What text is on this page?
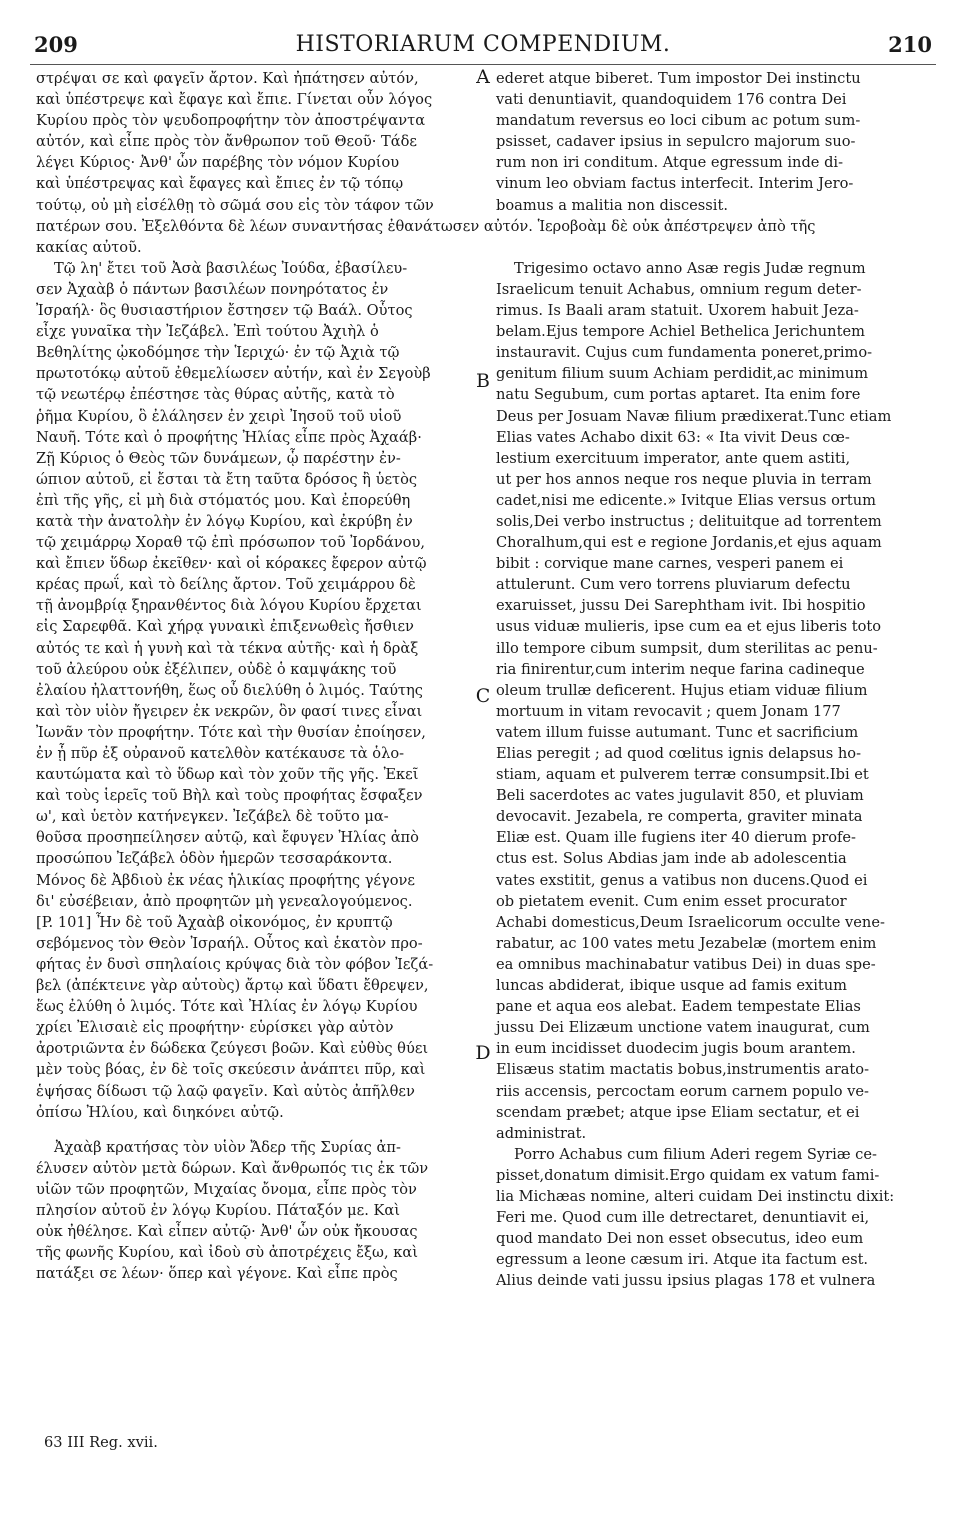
209	HISTORIARUM COMPENDIUM.	210
στρέψαι σε καὶ φαγεῖν ἄρτον. Καὶ ἠπάτησεν αὐτόν,
καὶ ὑπέστρεψε καὶ ἔφαγε καὶ ἔπιε. Γίνεται οὖν λόγος
Κυρίου πρὸς τὸν ψευδοπροφήτην τὸν ἀποστρέψαντα
αὐτόν, καὶ εἶπε πρὸς τὸν ἄνθρωπον τοῦ Θεοῦ· Τάδε
λέγει Κύριος· Ἀνθ' ὧν παρέβης τὸν νόμον Κυρίου
καὶ ὑπέστρεψας καὶ ἔφαγες καὶ ἔπιες ἐν τῷ τόπῳ
τούτῳ, οὐ μὴ εἰσέλθῃ τὸ σῶμά σου εἰς τὸν τάφον τῶν
πατέρων σου. Ἐξελθόντα δὲ λέων συναντήσας ἐθανάτωσεν αὐτόν. Ἱεροβοὰμ δὲ οὐκ ἀπέστρεψεν ἀπὸ τῆς
κακίας αὐτοῦ.
Τῷ λη' ἔτει τοῦ Ἀσὰ βασιλέως Ἰούδα, ἐβασίλευ-
σεν Ἀχαὰβ ὁ πάντων βασιλέων πονηρότατος ἐν
Ἰσραήλ· ὃς θυσιαστήριον ἔστησεν τῷ Βαάλ. Οὗτος
εἶχε γυναῖκα τὴν Ἰεζάβελ. Ἐπὶ τούτου Ἀχιὴλ ὁ
Βεθηλίτης ᾠκοδόμησε τὴν Ἱεριχώ· ἐν τῷ Ἀχιὰ τῷ
πρωτοτόκῳ αὐτοῦ ἐθεμελίωσεν αὐτήν, καὶ ἐν Σεγοὺβ
τῷ νεωτέρῳ ἐπέστησε τὰς θύρας αὐτῆς, κατὰ τὸ
ῥῆμα Κυρίου, ὃ ἐλάλησεν ἐν χειρὶ Ἰησοῦ τοῦ υἱοῦ
Ναυῆ. Τότε καὶ ὁ προφήτης Ἠλίας εἶπε πρὸς Ἀχαάβ·
Ζῇ Κύριος ὁ Θεὸς τῶν δυνάμεων, ᾧ παρέστην ἐν-
ώπιον αὐτοῦ, εἰ ἔσται τὰ ἔτη ταῦτα δρόσος ἢ ὑετὸς
ἐπὶ τῆς γῆς, εἰ μὴ διὰ στόματός μου. Καὶ ἐπορεύθη
κατὰ τὴν ἀνατολὴν ἐν λόγῳ Κυρίου, καὶ ἐκρύβη ἐν
τῷ χειμάρρῳ Χοραθ τῷ ἐπὶ πρόσωπον τοῦ Ἰορδάνου,
καὶ ἔπιεν ὕδωρ ἐκεῖθεν· καὶ οἱ κόρακες ἔφερον αὐτῷ
κρέας πρωΐ, καὶ τὸ δείλης ἄρτον. Τοῦ χειμάρρου δὲ
τῇ ἀνομβρίᾳ ξηρανθέντος διὰ λόγου Κυρίου ἔρχεται
εἰς Σαρεφθᾶ. Καὶ χήρᾳ γυναικὶ ἐπιξενωθεὶς ἤσθιεν
αὐτός τε καὶ ἡ γυνὴ καὶ τὰ τέκνα αὐτῆς· καὶ ἡ δρὰξ
τοῦ ἀλεύρου οὐκ ἐξέλιπεν, οὐδὲ ὁ καμψάκης τοῦ
ἐλαίου ἠλαττονήθη, ἕως οὗ διελύθη ὁ λιμός. Ταύτης
καὶ τὸν υἱὸν ἤγειρεν ἐκ νεκρῶν, ὃν φασί τινες εἶναι
Ἰωνᾶν τὸν προφήτην. Τότε καὶ τὴν θυσίαν ἐποίησεν,
ἐν ᾗ πῦρ ἐξ οὐρανοῦ κατελθὸν κατέκαυσε τὰ ὁλο-
καυτώματα καὶ τὸ ὕδωρ καὶ τὸν χοῦν τῆς γῆς. Ἐκεῖ
καὶ τοὺς ἱερεῖς τοῦ Βὴλ καὶ τοὺς προφήτας ἔσφαξεν
ω', καὶ ὑετὸν κατήνεγκεν. Ἰεζάβελ δὲ τοῦτο μα-
θοῦσα προσηπείλησεν αὐτῷ, καὶ ἔφυγεν Ἠλίας ἀπὸ
προσώπου Ἰεζάβελ ὁδὸν ἡμερῶν τεσσαράκοντα.
Μόνος δὲ Ἀβδιοὺ ἐκ νέας ἡλικίας προφήτης γέγονε
δι' εὐσέβειαν, ἀπὸ προφητῶν μὴ γενεαλογούμενος.
[P. 101] Ἦν δὲ τοῦ Ἀχαὰβ οἰκονόμος, ἐν κρυπτῷ
σεβόμενος τὸν Θεὸν Ἰσραήλ. Οὗτος καὶ ἑκατὸν προ-
φήτας ἐν δυσὶ σπηλαίοις κρύψας διὰ τὸν φόβον Ἰεζά-
βελ (ἀπέκτεινε γὰρ αὐτοὺς) ἄρτῳ καὶ ὕδατι ἔθρεψεν,
ἕως ἐλύθη ὁ λιμός. Τότε καὶ Ἠλίας ἐν λόγῳ Κυρίου
χρίει Ἐλισαιὲ εἰς προφήτην· εὑρίσκει γὰρ αὐτὸν
ἀροτριῶντα ἐν δώδεκα ζεύγεσι βοῶν. Καὶ εὐθὺς θύει
μὲν τοὺς βόας, ἐν δὲ τοῖς σκεύεσιν ἀνάπτει πῦρ, καὶ
ἑψήσας δίδωσι τῷ λαῷ φαγεῖν. Καὶ αὐτὸς ἀπῆλθεν
ὀπίσω Ἠλίου, καὶ διηκόνει αὐτῷ.
Ἀχαὰβ κρατήσας τὸν υἱὸν Ἄδερ τῆς Συρίας ἀπ-
έλυσεν αὐτὸν μετὰ δώρων. Καὶ ἄνθρωπός τις ἐκ τῶν
υἱῶν τῶν προφητῶν, Μιχαίας ὄνομα, εἶπε πρὸς τὸν
πλησίον αὐτοῦ ἐν λόγῳ Κυρίου. Πάταξόν με. Καὶ
οὐκ ἠθέλησε. Καὶ εἶπεν αὐτῷ· Ἀνθ' ὧν οὐκ ἤκουσας
τῆς φωνῆς Κυρίου, καὶ ἰδοὺ σὺ ἀποτρέχεις ἔξω, καὶ
πατάξει σε λέων· ὅπερ καὶ γέγονε. Καὶ εἶπε πρὸς
ederet atque biberet. Tum impostor Dei instinctu
vati denuntiavit, quandoquidem 176 contra Dei
mandatum reversus eo loci cibum ac potum sum-
psisset, cadaver ipsius in sepulcro majorum suo-
rum non iri conditum. Atque egressum inde di-
vinum leo obviam factus interfecit. Interim Jero-
boamus a malitia non discessit.

Trigesimo octavo anno Asæ regis Judæ regnum
Israelicum tenuit Achabus, omnium regum deter-
rimus. Is Baali aram statuit. Uxorem habuit Jeza-
belam.Ejus tempore Achiel Bethelica Jerichuntem
instauravit. Cujus cum fundamenta poneret,primo-
genitum filium suum Achiam perdidit,ac minimum
natu Segubum, cum portas aptaret. Ita enim fore
Deus per Josuam Navæ filium prædixerat.Tunc etiam
Elias vates Achabo dixit 63: « Ita vivit Deus cœ-
lestium exercituum imperator, ante quem astiti,
ut per hos annos neque ros neque pluvia in terram
cadet,nisi me edicente.» Ivitque Elias versus ortum
solis,Dei verbo instructus ; delituitque ad torrentem
Choralhum,qui est e regione Jordanis,et ejus aquam
bibit : corvique mane carnes, vesperi panem ei
attulerunt. Cum vero torrens pluviarum defectu
exaruisset, jussu Dei Sarephtham ivit. Ibi hospitio
usus viduæ mulieris, ipse cum ea et ejus liberis toto
illo tempore cibum sumpsit, dum sterilitas ac penu-
ria finirentur,cum interim neque farina cadineque
oleum trullæ deficerent. Hujus etiam viduæ filium
mortuum in vitam revocavit ; quem Jonam 177
vatem illum fuisse autumant. Tunc et sacrificium
Elias peregit ; ad quod cœlitus ignis delapsus ho-
stiam, aquam et pulverem terræ consumpsit.Ibi et
Beli sacerdotes ac vates jugulavit 850, et pluviam
devocavit. Jezabela, re comperta, graviter minata
Eliæ est. Quam ille fugiens iter 40 dierum profe-
ctus est. Solus Abdias jam inde ab adolescentia
vates exstitit, genus a vatibus non ducens.Quod ei
ob pietatem evenit. Cum enim esset procurator
Achabi domesticus,Deum Israelicorum occulte vene-
rabatur, ac 100 vates metu Jezabelæ (mortem enim
ea omnibus machinabatur vatibus Dei) in duas spe-
luncas abdiderat, ibique usque ad famis exitum
pane et aqua eos alebat. Eadem tempestate Elias
jussu Dei Elizæum unctione vatem inaugurat, cum
in eum incidisset duodecim jugis boum arantem.
Elisæus statim mactatis bobus,instrumentis arato-
riis accensis, percoctam eorum carnem populo ve-
scendam præbet; atque ipse Eliam sectatur, et ei
administrat.
Porro Achabus cum filium Aderi regem Syriæ ce-
pisset,donatum dimisit.Ergo quidam ex vatum fami-
lia Michæas nomine, alteri cuidam Dei instinctu dixit:
Feri me. Quod cum ille detrectaret, denuntiavit ei,
quod mandato Dei non esset obsecutus, ideo eum
egressum a leone cæsum iri. Atque ita factum est.
Alius deinde vati jussu ipsius plagas 178 et vulnera
A
B
C
D
63 III Reg. xvii.
